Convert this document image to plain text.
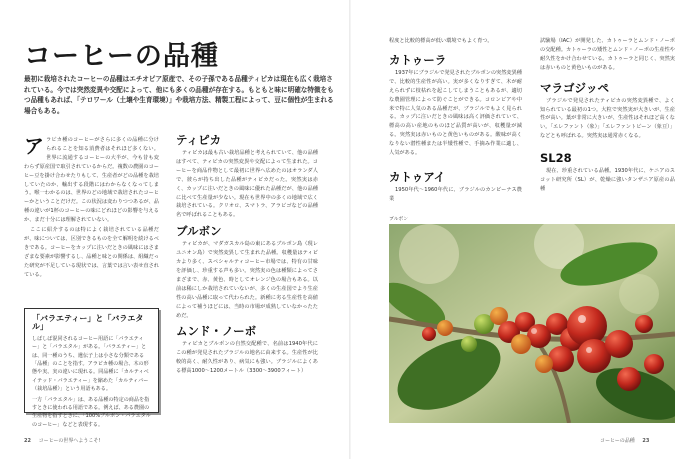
コーヒーの品種
最初に栽培されたコーヒーの品種はエチオピア原産で、その子孫である品種ティピカは現在も広く栽培されている。今では突然変異や交配によって、他にも多くの品種が存在する。もともと味に明確な特徴をもつ品種もあれば、「テロワール（土壌や生育環境）」や栽培方法、精製工程によって、豆に個性が生まれる場合もある。

アラビカ種のコーヒーがさらに多くの品種に分けられることを知る消費者はそれほど多くない。世界に流通するコーヒーの大半が、今も昔も変わらず原産国で取引されているからだ。複数の農園のコーヒー豆を掛け合わせたりもして、生産者がどの品種を栽培していたのか、輸出する段階にはわからなくなってしまう。喉一わかるのは、世界のどの地域で栽培されたコーヒーかということだけだ。この状況は変わりつつあるが、品種の違いが1杯のコーヒーの味にどれほどの影響を与えるか、まだ十分には理解されていない。

ここに紹介するのは特によく栽培されている品種だが、味については、区別できるものを全て解明を続けるべきである。コーヒーをカップに注いだときの風味にはさまざまな要素が影響するし、品種と味との関係は、組織だった研究が不足している現状では、言葉では言い表せ直されている。

「バラエティー」と「バラエタル」

しばしば混同されるコーヒー用語に「バラエティー」と「バラエタル」がある。「バラエティー」とは、同一種のうち、遺伝子上は小さな分類である「品種」のことを指す。アラビカ種の場合、木の形態や実、実の違いに現れる。同品種に「カルティベイテッド・バラエティー」を縮めた「カルティバー（栽培品種）」という用語もある。

一方「バラエタル」は、ある品種の特定の商品を指すときに使われる用語である。例えば、ある農園の生産物を指すときに、「100%ブルボン・バラエタルのコーヒー」などと表現する。

ティピカ

ティピカは最も古い栽培品種と考えられていて、他の品種はすべて、ティピカの突然変異や交配によって生まれた。コーヒーを商品作物として最初に世界へ広めたのはオランダ人で、彼らが持ち出した品種がティピカだった。突然実は赤く、カップに注いだときの風味に優れた品種だが、他の品種に比べて生産量が少ない。現在も世界中の多くの地域で広く栽培されている。クリオロ、スマトラ、アラビゴなどの品種名で呼ばれることもある。

ブルボン

ティピカが、マダガスカル島の東にあるブルボン島（現レユニオン島）で突然変異して生まれた品種。収穫量はティピカより多く、スペシャルティコーヒー市場では、特有の甘味を評価し、珍重する声も多い。突然実の色は種類によってさまざまで、赤、黄色、時としてオレンジ色の場合もある。以前は稀にしか栽培されていないが、多くの生産国でより生産性の高い品種に取って代わられた。新種に劣る生産性を高値によって補うほどには、当時の市場が成熟していなかったためだ。

ムンド・ノーボ

ティピカとブルボンの自然交配種で、名前は1940年代にこの種が発見されたブラジルの地名に由来する。生産性が比較的高く、耐久性があり、病気にも強い。ブラジルによくある標高1000〜1200メートル（3300〜3900フィート）

22 コーヒーの世界へようこそ!

程度と比較的標高が低い環境でもよく育つ。

カトゥーラ

1937年にブラジルで発見されたブルボンの突然変異種で、比較的生産性が高い。実が多くなりすぎて、木が耐えられずに枝枯れを起こしてしまうこともあるが、適切な農園管理によって防ぐことができる。コロンビアや中米で特に人気のある品種だが、ブラジルでもよく見られる。カップに注いだときの風味は高く評価されていて、標高の高い産地のものほど品質が高いが、収穫量が減る。突然実は赤いものと黄色いものがある。酸味が高くなりない潜性種または半矮性種で、手摘み作業に適し、人気がある。

カトゥアイ

1950年代〜1960年代に、ブラジルのカンピーナス農業

試験場（IAC）が開発した、カトゥーラとムンド・ノーボの交配種。カトゥーラの矮性とムンド・ノーボの生産性や耐久性をかけ合わせている。カトゥーラと同じく、突然実は赤いものと黄色いものがある。

マラゴジッペ

ブラジルで発見されたティピカの突然変異種で、よく知られている最初の1つ。大粒で突然実が大きいが、生産性が高い。葉が非常に大きいが、生産性はそれほど高くない。「エレファント（象）」「エレファントビーン（象豆）」などとも呼ばれる。突然実は通常赤くなる。

SL28

現在、珍重されている品種。1930年代に、ケニアのスコット研究所（SL）が、乾燥に強いタンザニア原産の品種

ブルボン
コーヒーの品種 23
